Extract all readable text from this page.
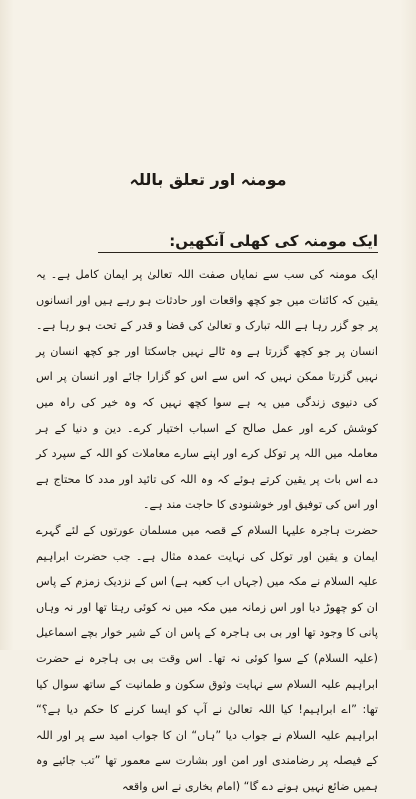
مومنہ اور تعلق باللہ
ایک مومنہ کی کھلی آنکھیں:

ایک مومنہ کی سب سے نمایاں صفت اللہ تعالیٰ پر ایمان کامل ہے۔ یہ یقین کہ کائنات میں جو کچھ واقعات اور حادثات ہو رہے ہیں اور انسانوں پر جو گزر رہا ہے اللہ تبارک و تعالیٰ کی قضا و قدر کے تحت ہو رہا ہے۔ انسان پر جو کچھ گزرتا ہے وہ ٹالے نہیں جاسکتا اور جو کچھ انسان پر نہیں گزرتا ممکن نہیں کہ اس سے اس کو گزارا جائے اور انسان پر اس کی دنیوی زندگی میں یہ ہے سوا کچھ نہیں کہ وہ خیر کی راہ میں کوشش کرے اور عمل صالح کے اسباب اختیار کرے۔ دین و دنیا کے ہر معاملہ میں اللہ پر توکل کرے اور اپنے سارے معاملات کو اللہ کے سپرد کر دے اس بات پر یقین کرتے ہوئے کہ وہ اللہ کی تائید اور مدد کا محتاج ہے اور اس کی توفیق اور خوشنودی کا حاجت مند ہے۔

حضرت ہاجرہ علیہا السلام کے قصہ میں مسلمان عورتوں کے لئے گہرے ایمان و یقین اور توکل کی نہایت عمدہ مثال ہے۔ جب حضرت ابراہیم علیہ السلام نے مکہ میں (جہاں اب کعبہ ہے) اس کے نزدیک زمزم کے پاس ان کو چھوڑ دیا اور اس زمانہ میں مکہ میں نہ کوئی رہتا تھا اور نہ وہاں پانی کا وجود تھا اور بی بی ہاجرہ کے پاس ان کے شیر خوار بچے اسماعیل (علیہ السلام) کے سوا کوئی نہ تھا۔ اس وقت بی بی ہاجرہ نے حضرت ابراہیم علیہ السلام سے نہایت وثوق سکون و طمانیت کے ساتھ سوال کیا تھا: ”اے ابراہیم! کیا اللہ تعالیٰ نے آپ کو ایسا کرنے کا حکم دیا ہے؟“ ابراہیم علیہ السلام نے جواب دیا ”ہاں“ ان کا جواب امید سے پر اور اللہ کے فیصلہ پر رضامندی اور امن اور بشارت سے معمور تھا ”تب جائیے وہ ہمیں ضائع نہیں ہونے دے گا“ (امام بخاری نے اس واقعہ
